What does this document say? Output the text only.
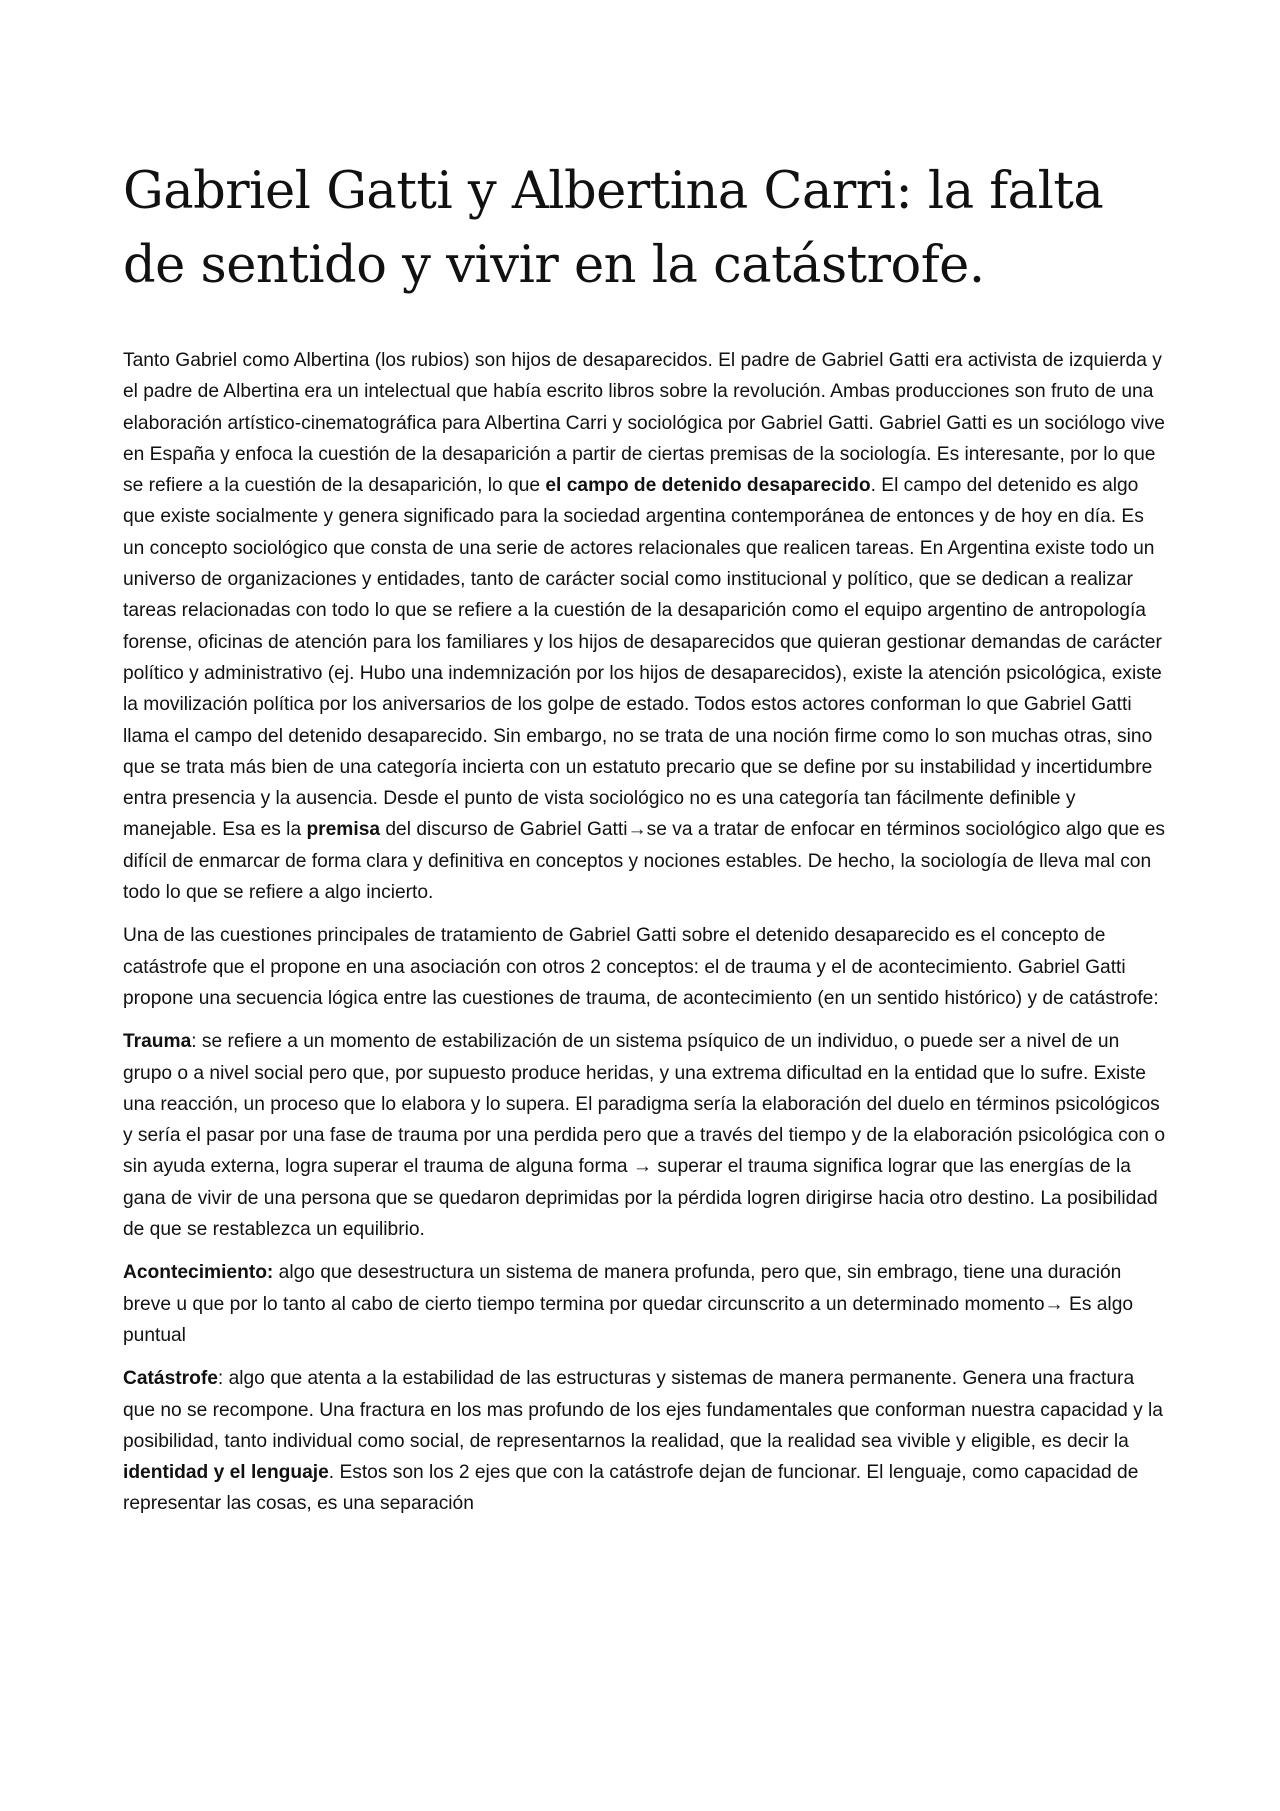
Gabriel Gatti y Albertina Carri: la falta de sentido y vivir en la catástrofe.

Tanto Gabriel como Albertina (los rubios) son hijos de desaparecidos. El padre de Gabriel Gatti era activista de izquierda y el padre de Albertina era un intelectual que había escrito libros sobre la revolución. Ambas producciones son fruto de una elaboración artístico-cinematográfica para Albertina Carri y sociológica por Gabriel Gatti. Gabriel Gatti es un sociólogo vive en España y enfoca la cuestión de la desaparición a partir de ciertas premisas de la sociología. Es interesante, por lo que se refiere a la cuestión de la desaparición, lo que el campo de detenido desaparecido. El campo del detenido es algo que existe socialmente y genera significado para la sociedad argentina contemporánea de entonces y de hoy en día. Es un concepto sociológico que consta de una serie de actores relacionales que realicen tareas. En Argentina existe todo un universo de organizaciones y entidades, tanto de carácter social como institucional y político, que se dedican a realizar tareas relacionadas con todo lo que se refiere a la cuestión de la desaparición como el equipo argentino de antropología forense, oficinas de atención para los familiares y los hijos de desaparecidos que quieran gestionar demandas de carácter político y administrativo (ej. Hubo una indemnización por los hijos de desaparecidos), existe la atención psicológica, existe la movilización política por los aniversarios de los golpe de estado. Todos estos actores conforman lo que Gabriel Gatti llama el campo del detenido desaparecido. Sin embargo, no se trata de una noción firme como lo son muchas otras, sino que se trata más bien de una categoría incierta con un estatuto precario que se define por su instabilidad y incertidumbre entra presencia y la ausencia. Desde el punto de vista sociológico no es una categoría tan fácilmente definible y manejable. Esa es la premisa del discurso de Gabriel Gatti→se va a tratar de enfocar en términos sociológico algo que es difícil de enmarcar de forma clara y definitiva en conceptos y nociones estables. De hecho, la sociología de lleva mal con todo lo que se refiere a algo incierto.

Una de las cuestiones principales de tratamiento de Gabriel Gatti sobre el detenido desaparecido es el concepto de catástrofe que el propone en una asociación con otros 2 conceptos: el de trauma y el de acontecimiento. Gabriel Gatti propone una secuencia lógica entre las cuestiones de trauma, de acontecimiento (en un sentido histórico) y de catástrofe:

Trauma: se refiere a un momento de estabilización de un sistema psíquico de un individuo, o puede ser a nivel de un grupo o a nivel social pero que, por supuesto produce heridas, y una extrema dificultad en la entidad que lo sufre. Existe una reacción, un proceso que lo elabora y lo supera. El paradigma sería la elaboración del duelo en términos psicológicos y sería el pasar por una fase de trauma por una perdida pero que a través del tiempo y de la elaboración psicológica con o sin ayuda externa, logra superar el trauma de alguna forma → superar el trauma significa lograr que las energías de la gana de vivir de una persona que se quedaron deprimidas por la pérdida logren dirigirse hacia otro destino. La posibilidad de que se restablezca un equilibrio.

Acontecimiento: algo que desestructura un sistema de manera profunda, pero que, sin embrago, tiene una duración breve u que por lo tanto al cabo de cierto tiempo termina por quedar circunscrito a un determinado momento→ Es algo puntual

Catástrofe: algo que atenta a la estabilidad de las estructuras y sistemas de manera permanente. Genera una fractura que no se recompone. Una fractura en los mas profundo de los ejes fundamentales que conforman nuestra capacidad y la posibilidad, tanto individual como social, de representarnos la realidad, que la realidad sea vivible y eligible, es decir la identidad y el lenguaje. Estos son los 2 ejes que con la catástrofe dejan de funcionar. El lenguaje, como capacidad de representar las cosas, es una separación
